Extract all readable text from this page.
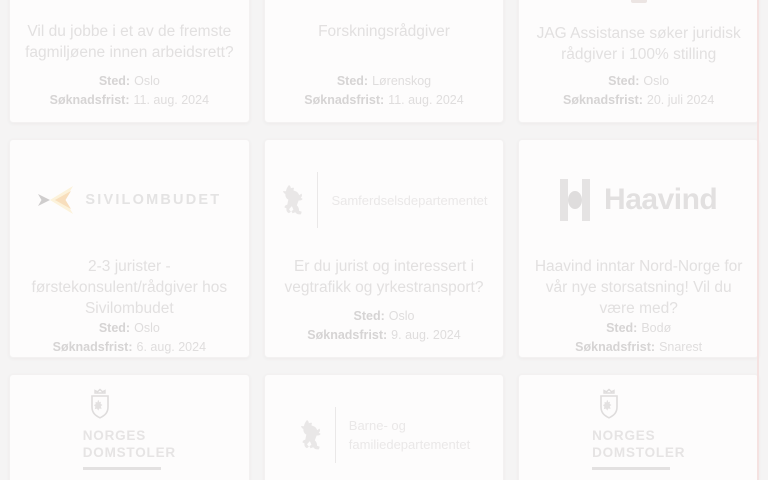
Vil du jobbe i et av de fremste fagmiljøene innen arbeidsrett?
Sted: Oslo
Søknadsfrist: 11. aug. 2024
Forskningsrådgiver
Sted: Lørenskog
Søknadsfrist: 11. aug. 2024
JAG Assistanse søker juridisk rådgiver i 100% stilling
Sted: Oslo
Søknadsfrist: 20. juli 2024
SIVILOMBUDET
2-3 jurister - førstekonsulent/rådgiver hos Sivilombudet
Sted: Oslo
Søknadsfrist: 6. aug. 2024
Samferdselsdepartementet
Er du jurist og interessert i vegtrafikk og yrkestransport?
Sted: Oslo
Søknadsfrist: 9. aug. 2024
Haavind
Haavind inntar Nord-Norge for vår nye storsatsning! Vil du være med?
Sted: Bodø
Søknadsfrist: Snarest
NORGES
DOMSTOLER
Barne- og
familiedepartementet
NORGES
DOMSTOLER
